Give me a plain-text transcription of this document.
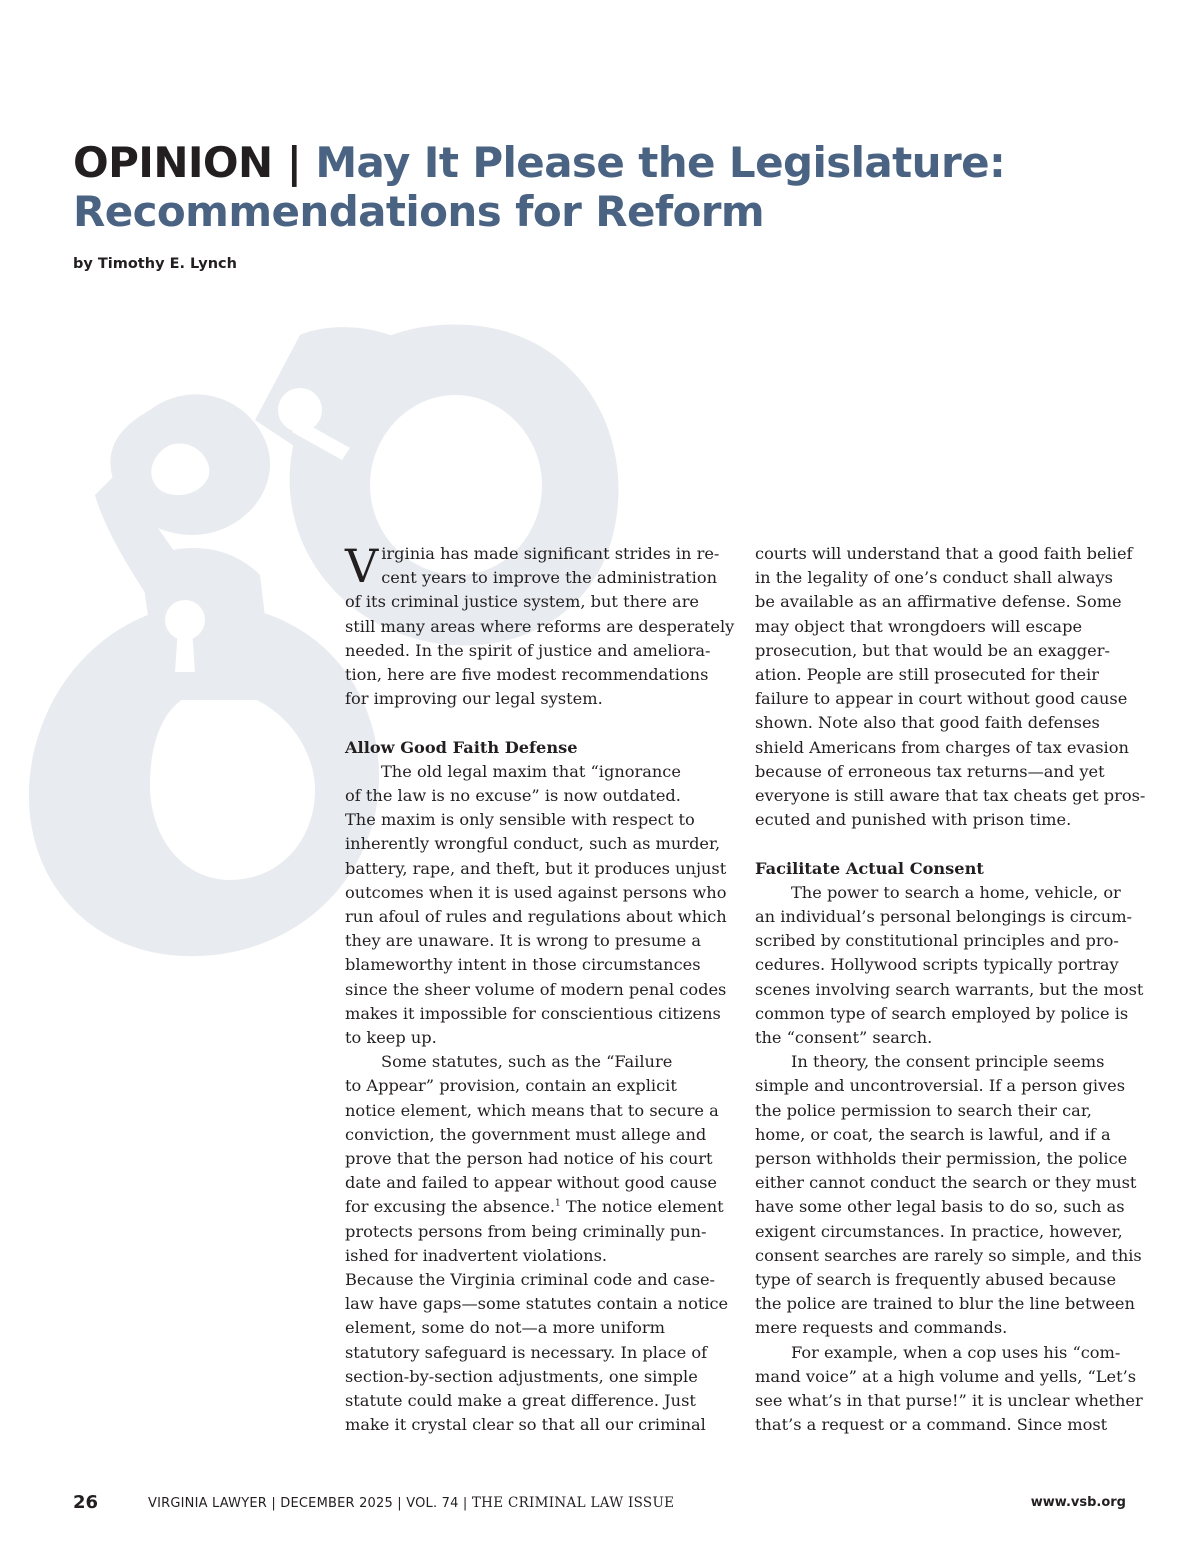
OPINION | May It Please the Legislature:
Recommendations for Reform

by Timothy E. Lynch

V irginia has made significant strides in re-
cent years to improve the administration
of its criminal justice system, but there are
still many areas where reforms are desperately
needed. In the spirit of justice and ameliora-
tion, here are five modest recommendations
for improving our legal system.
Allow Good Faith Defense
The old legal maxim that “ignorance
of the law is no excuse” is now outdated.
The maxim is only sensible with respect to
inherently wrongful conduct, such as murder,
battery, rape, and theft, but it produces unjust
outcomes when it is used against persons who
run afoul of rules and regulations about which
they are unaware. It is wrong to presume a
blameworthy intent in those circumstances
since the sheer volume of modern penal codes
makes it impossible for conscientious citizens
to keep up.
Some statutes, such as the “Failure
to Appear” provision, contain an explicit
notice element, which means that to secure a
conviction, the government must allege and
prove that the person had notice of his court
date and failed to appear without good cause
for excusing the absence.$^1$ The notice element
protects persons from being criminally pun-
ished for inadvertent violations.
Because the Virginia criminal code and case-
law have gaps—some statutes contain a notice
element, some do not—a more uniform
statutory safeguard is necessary. In place of
section-by-section adjustments, one simple
statute could make a great difference. Just
make it crystal clear so that all our criminal
courts will understand that a good faith belief
in the legality of one’s conduct shall always
be available as an affirmative defense. Some
may object that wrongdoers will escape
prosecution, but that would be an exagger-
ation. People are still prosecuted for their
failure to appear in court without good cause
shown. Note also that good faith defenses
shield Americans from charges of tax evasion
because of erroneous tax returns—and yet
everyone is still aware that tax cheats get pros-
ecuted and punished with prison time.
Facilitate Actual Consent
The power to search a home, vehicle, or
an individual’s personal belongings is circum-
scribed by constitutional principles and pro-
cedures. Hollywood scripts typically portray
scenes involving search warrants, but the most
common type of search employed by police is
the “consent” search.
In theory, the consent principle seems
simple and uncontroversial. If a person gives
the police permission to search their car,
home, or coat, the search is lawful, and if a
person withholds their permission, the police
either cannot conduct the search or they must
have some other legal basis to do so, such as
exigent circumstances. In practice, however,
consent searches are rarely so simple, and this
type of search is frequently abused because
the police are trained to blur the line between
mere requests and commands.
For example, when a cop uses his “com-
mand voice” at a high volume and yells, “Let’s
see what’s in that purse!” it is unclear whether
that’s a request or a command. Since most
26	VIRGINIA LAWYER | DECEMBER 2025 | VOL. 74 | THE CRIMINAL LAW ISSUE	www.vsb.org
